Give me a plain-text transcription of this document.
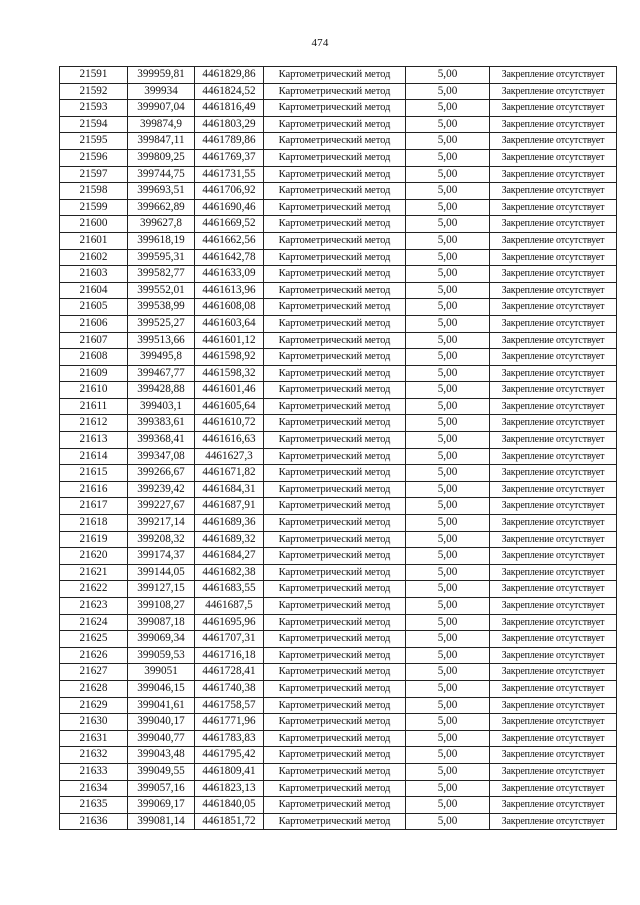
474
21591	399959,81	4461829,86	Картометрический метод	5,00	Закрепление отсутствует
21592	399934	4461824,52	Картометрический метод	5,00	Закрепление отсутствует
21593	399907,04	4461816,49	Картометрический метод	5,00	Закрепление отсутствует
21594	399874,9	4461803,29	Картометрический метод	5,00	Закрепление отсутствует
21595	399847,11	4461789,86	Картометрический метод	5,00	Закрепление отсутствует
21596	399809,25	4461769,37	Картометрический метод	5,00	Закрепление отсутствует
21597	399744,75	4461731,55	Картометрический метод	5,00	Закрепление отсутствует
21598	399693,51	4461706,92	Картометрический метод	5,00	Закрепление отсутствует
21599	399662,89	4461690,46	Картометрический метод	5,00	Закрепление отсутствует
21600	399627,8	4461669,52	Картометрический метод	5,00	Закрепление отсутствует
21601	399618,19	4461662,56	Картометрический метод	5,00	Закрепление отсутствует
21602	399595,31	4461642,78	Картометрический метод	5,00	Закрепление отсутствует
21603	399582,77	4461633,09	Картометрический метод	5,00	Закрепление отсутствует
21604	399552,01	4461613,96	Картометрический метод	5,00	Закрепление отсутствует
21605	399538,99	4461608,08	Картометрический метод	5,00	Закрепление отсутствует
21606	399525,27	4461603,64	Картометрический метод	5,00	Закрепление отсутствует
21607	399513,66	4461601,12	Картометрический метод	5,00	Закрепление отсутствует
21608	399495,8	4461598,92	Картометрический метод	5,00	Закрепление отсутствует
21609	399467,77	4461598,32	Картометрический метод	5,00	Закрепление отсутствует
21610	399428,88	4461601,46	Картометрический метод	5,00	Закрепление отсутствует
21611	399403,1	4461605,64	Картометрический метод	5,00	Закрепление отсутствует
21612	399383,61	4461610,72	Картометрический метод	5,00	Закрепление отсутствует
21613	399368,41	4461616,63	Картометрический метод	5,00	Закрепление отсутствует
21614	399347,08	4461627,3	Картометрический метод	5,00	Закрепление отсутствует
21615	399266,67	4461671,82	Картометрический метод	5,00	Закрепление отсутствует
21616	399239,42	4461684,31	Картометрический метод	5,00	Закрепление отсутствует
21617	399227,67	4461687,91	Картометрический метод	5,00	Закрепление отсутствует
21618	399217,14	4461689,36	Картометрический метод	5,00	Закрепление отсутствует
21619	399208,32	4461689,32	Картометрический метод	5,00	Закрепление отсутствует
21620	399174,37	4461684,27	Картометрический метод	5,00	Закрепление отсутствует
21621	399144,05	4461682,38	Картометрический метод	5,00	Закрепление отсутствует
21622	399127,15	4461683,55	Картометрический метод	5,00	Закрепление отсутствует
21623	399108,27	4461687,5	Картометрический метод	5,00	Закрепление отсутствует
21624	399087,18	4461695,96	Картометрический метод	5,00	Закрепление отсутствует
21625	399069,34	4461707,31	Картометрический метод	5,00	Закрепление отсутствует
21626	399059,53	4461716,18	Картометрический метод	5,00	Закрепление отсутствует
21627	399051	4461728,41	Картометрический метод	5,00	Закрепление отсутствует
21628	399046,15	4461740,38	Картометрический метод	5,00	Закрепление отсутствует
21629	399041,61	4461758,57	Картометрический метод	5,00	Закрепление отсутствует
21630	399040,17	4461771,96	Картометрический метод	5,00	Закрепление отсутствует
21631	399040,77	4461783,83	Картометрический метод	5,00	Закрепление отсутствует
21632	399043,48	4461795,42	Картометрический метод	5,00	Закрепление отсутствует
21633	399049,55	4461809,41	Картометрический метод	5,00	Закрепление отсутствует
21634	399057,16	4461823,13	Картометрический метод	5,00	Закрепление отсутствует
21635	399069,17	4461840,05	Картометрический метод	5,00	Закрепление отсутствует
21636	399081,14	4461851,72	Картометрический метод	5,00	Закрепление отсутствует
